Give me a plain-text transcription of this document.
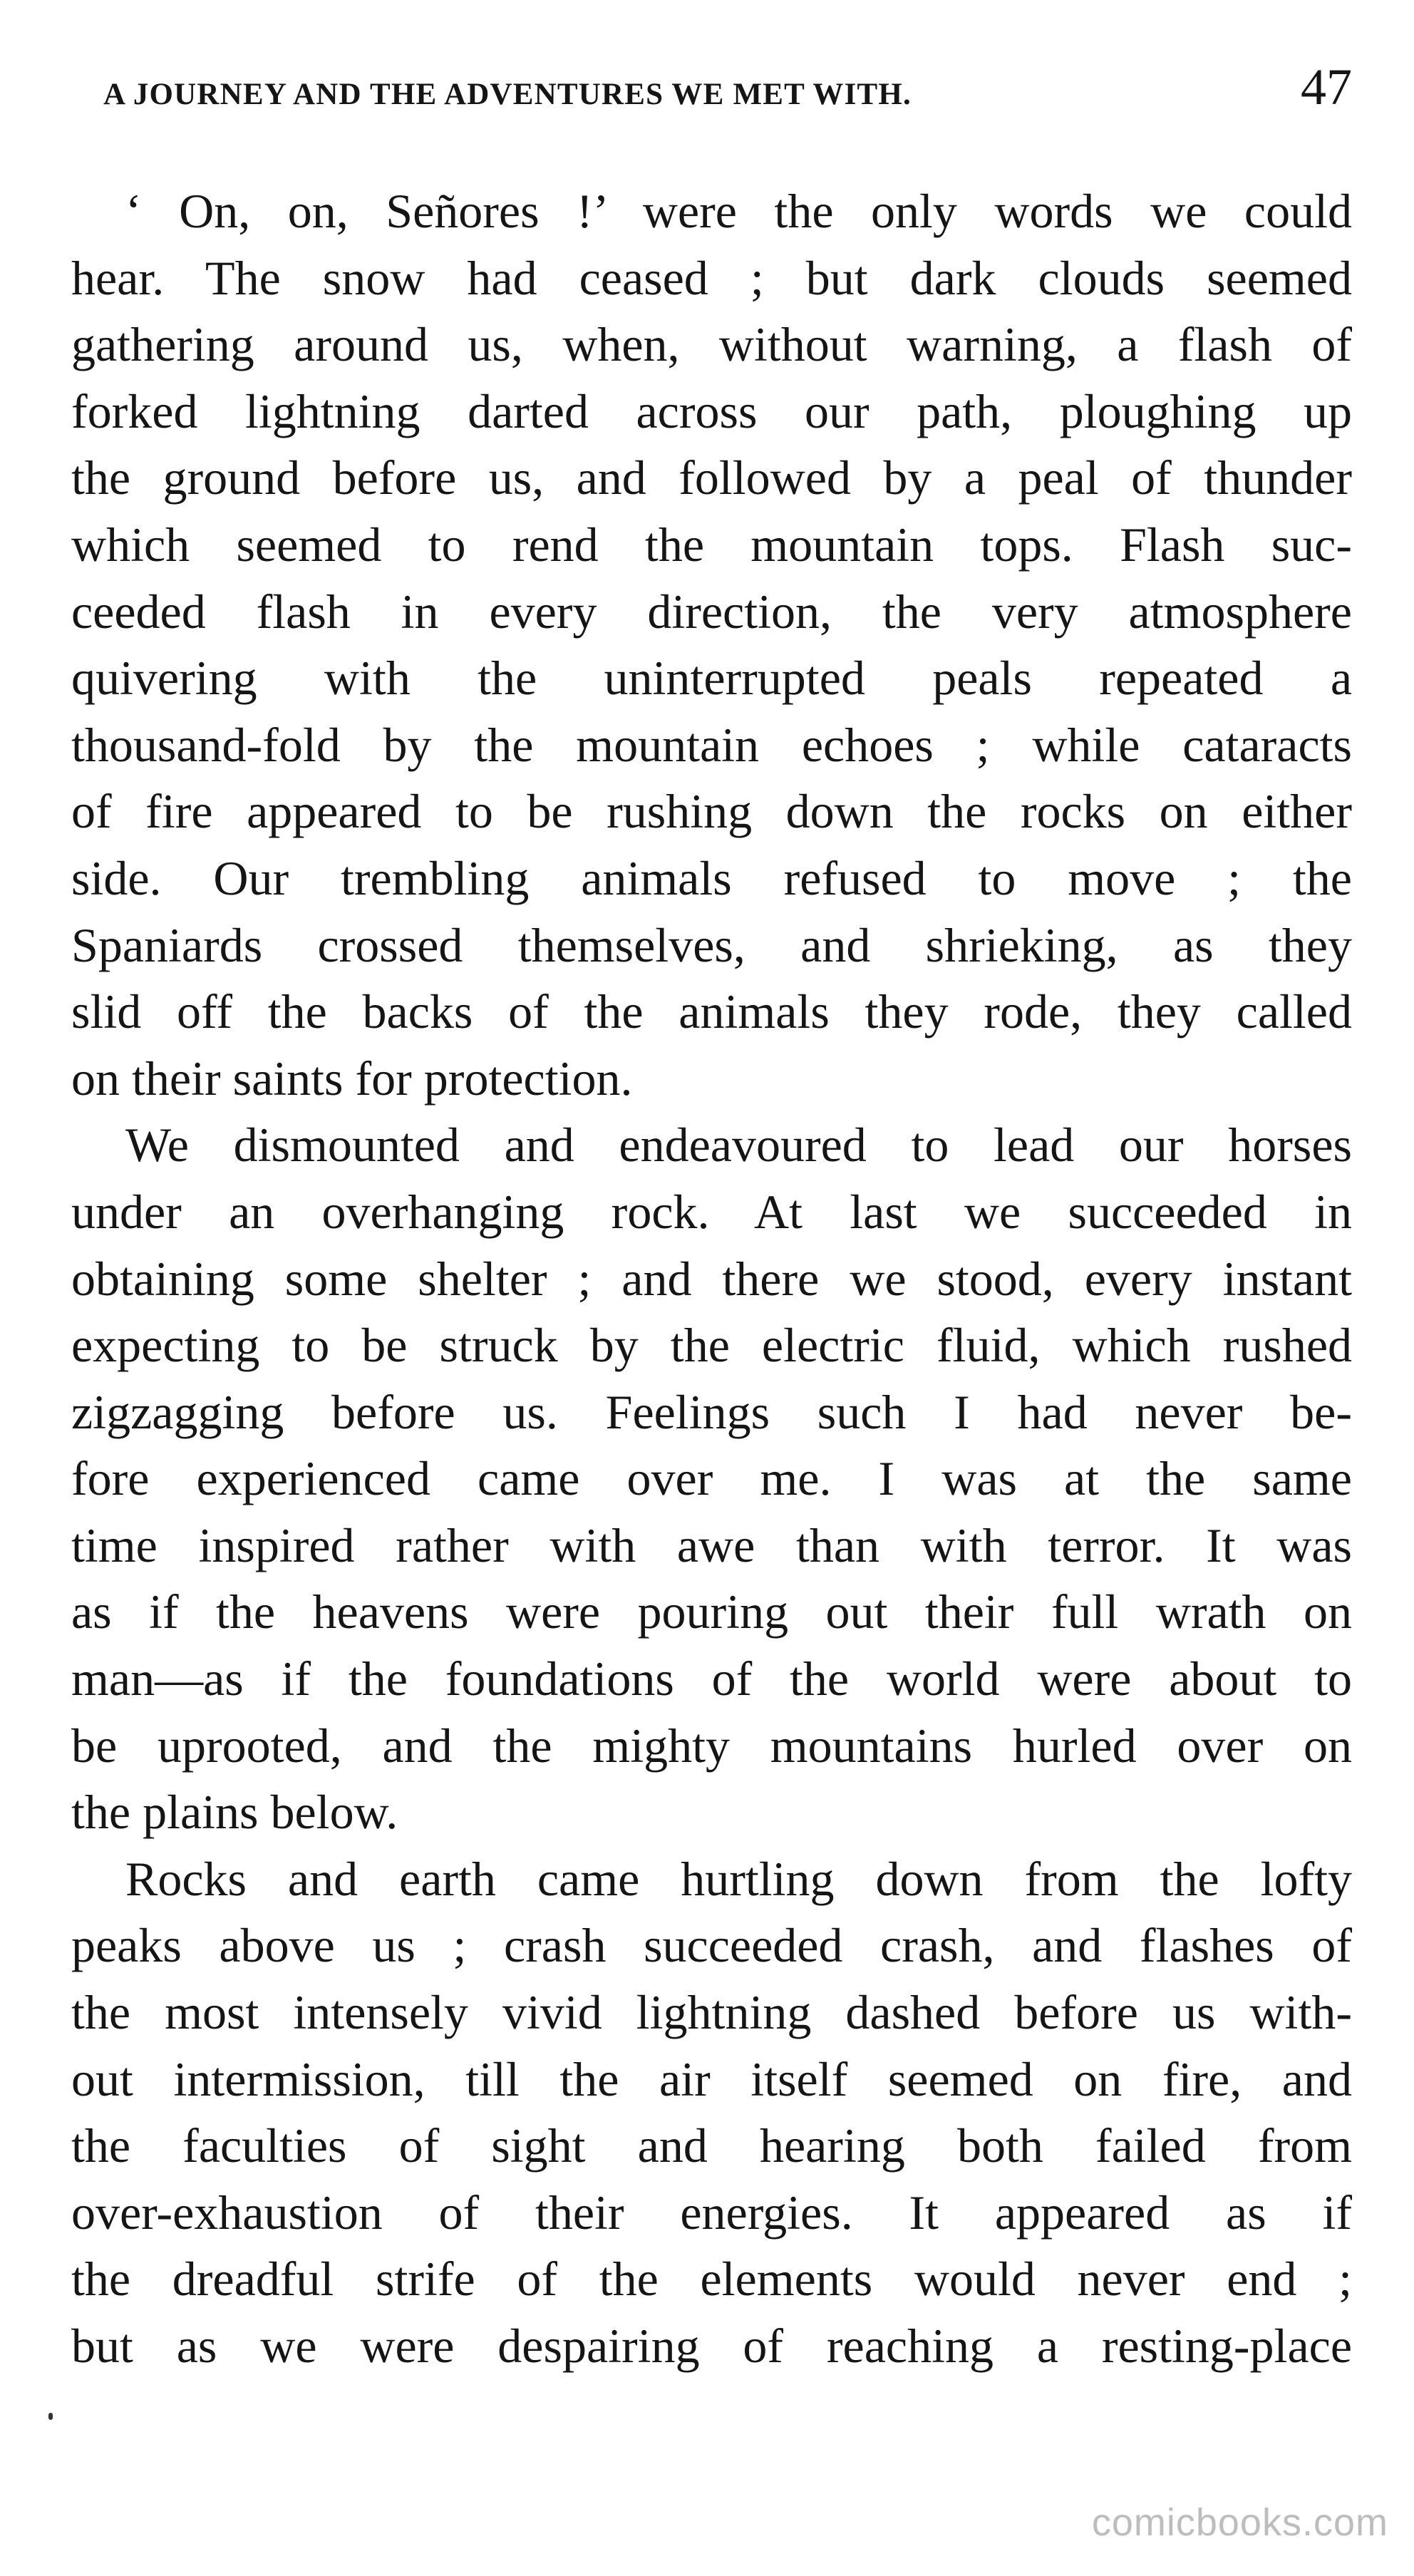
A JOURNEY AND THE ADVENTURES WE MET WITH.	47
‘ On, on, Señores !’ were the only words we could
hear. The snow had ceased ; but dark clouds seemed
gathering around us, when, without warning, a flash of
forked lightning darted across our path, ploughing up
the ground before us, and followed by a peal of thunder
which seemed to rend the mountain tops. Flash suc-
ceeded flash in every direction, the very atmosphere
quivering with the uninterrupted peals repeated a
thousand-fold by the mountain echoes ; while cataracts
of fire appeared to be rushing down the rocks on either
side. Our trembling animals refused to move ; the
Spaniards crossed themselves, and shrieking, as they
slid off the backs of the animals they rode, they called
on their saints for protection.
We dismounted and endeavoured to lead our horses
under an overhanging rock. At last we succeeded in
obtaining some shelter ; and there we stood, every instant
expecting to be struck by the electric fluid, which rushed
zigzagging before us. Feelings such I had never be-
fore experienced came over me. I was at the same
time inspired rather with awe than with terror. It was
as if the heavens were pouring out their full wrath on
man—as if the foundations of the world were about to
be uprooted, and the mighty mountains hurled over on
the plains below.
Rocks and earth came hurtling down from the lofty
peaks above us ; crash succeeded crash, and flashes of
the most intensely vivid lightning dashed before us with-
out intermission, till the air itself seemed on fire, and
the faculties of sight and hearing both failed from
over-exhaustion of their energies. It appeared as if
the dreadful strife of the elements would never end ;
but as we were despairing of reaching a resting-place
comicbooks.com
